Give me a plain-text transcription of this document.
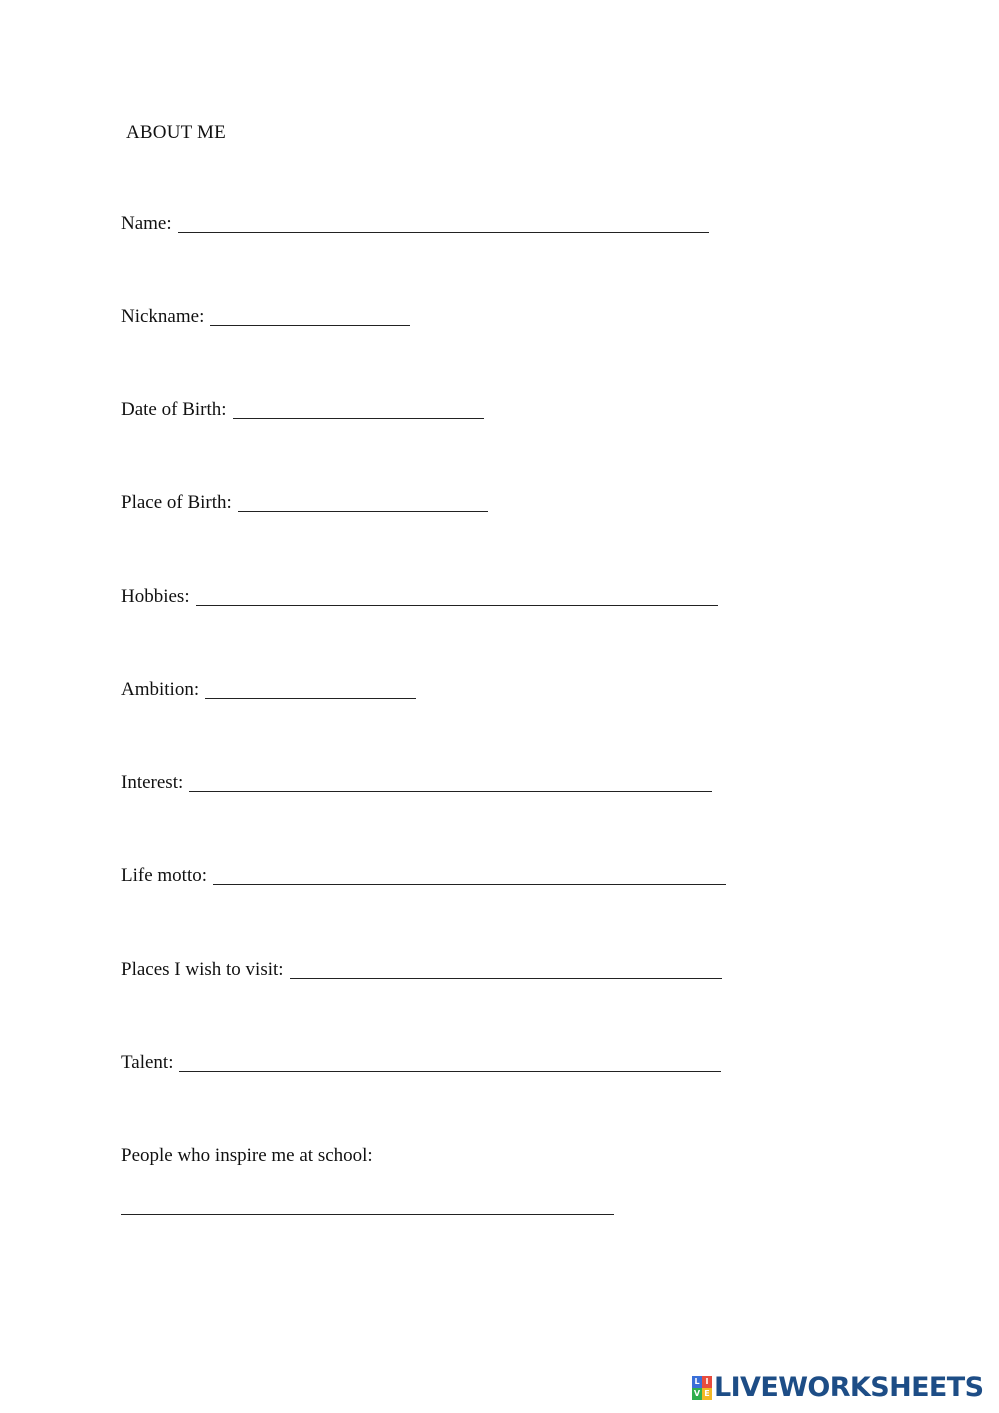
ABOUT ME
Name:
Nickname:
Date of Birth:
Place of Birth:
Hobbies:
Ambition:
Interest:
Life motto:
Places I wish to visit:
Talent:
People who inspire me at school:
L I
V E LIVEWORKSHEETS
